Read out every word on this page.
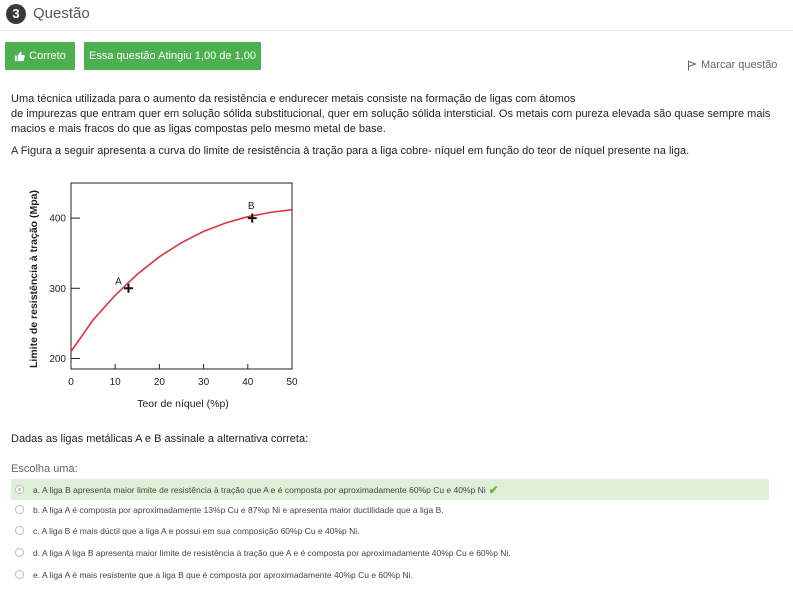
3 Questão
Correto Essa questão Atingiu 1,00 de 1,00
Marcar questão
Uma técnica utilizada para o aumento da resistência e endurecer metais consiste na formação de ligas com átomos
de impurezas que entram quer em solução sólida substitucional, quer em solução sólida intersticial. Os metais com pureza elevada são quase sempre mais
macios e mais fracos do que as ligas compostas pelo mesmo metal de base.
A Figura a seguir apresenta a curva do limite de resistência à tração para a liga cobre- níquel em função do teor de níquel presente na liga.
0	10	20	30	40	50
200
300
400
A
B
Teor de níquel (%p)
Limite de resistência à tração (Mpa)
Dadas as ligas metálicas A e B assinale a alternativa correta:
Escolha uma:
a. A liga B apresenta maior limite de resistência à tração que A e é composta por aproximadamente 60%p Cu e 40%p Ni ✔
b. A liga A é composta por aproximadamente 13%p Cu e 87%p Ni e apresenta maior ductilidade que a liga B.
c. A liga B é mais dúctil que a liga A e possui em sua composição 60%p Cu e 40%p Ni.
d. A liga A liga B apresenta maior limite de resistência à tração que A e é composta por aproximadamente 40%p Cu e 60%p Ni.
e. A liga A é mais resistente que a liga B que é composta por aproximadamente 40%p Cu e 60%p Ni.
